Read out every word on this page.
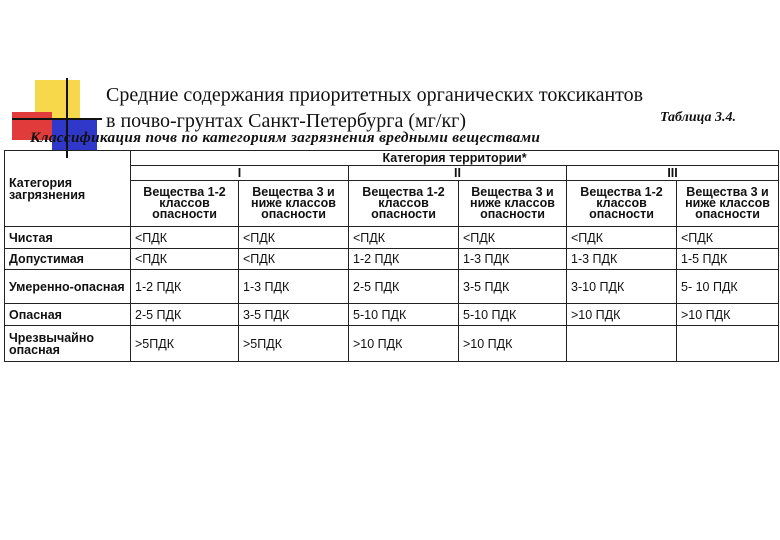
Средние содержания приоритетных органических токсикантов
в почво-грунтах Санкт-Петербурга (мг/кг)	Таблица 3.4.
Классификация почв по категориям загрязнения вредными веществами
Категория загрязнения	Категория территории*					
	I		II		III	
	Вещества 1-2 классов опасности	Вещества 3 и ниже классов опасности	Вещества 1-2 классов опасности	Вещества 3 и ниже классов опасности	Вещества 1-2 классов опасности	Вещества 3 и ниже классов опасности
Чистая	<ПДК	<ПДК	<ПДК	<ПДК	<ПДК	<ПДК
Допустимая	<ПДК	<ПДК	1-2 ПДК	1-3 ПДК	1-3 ПДК	1-5 ПДК
Умеренно-опасная	1-2 ПДК	1-3 ПДК	2-5 ПДК	3-5 ПДК	3-10 ПДК	5- 10 ПДК
Опасная	2-5 ПДК	3-5 ПДК	5-10 ПДК	5-10 ПДК	>10 ПДК	>10 ПДК
Чрезвычайно опасная	>5ПДК	>5ПДК	>10 ПДК	>10 ПДК		
